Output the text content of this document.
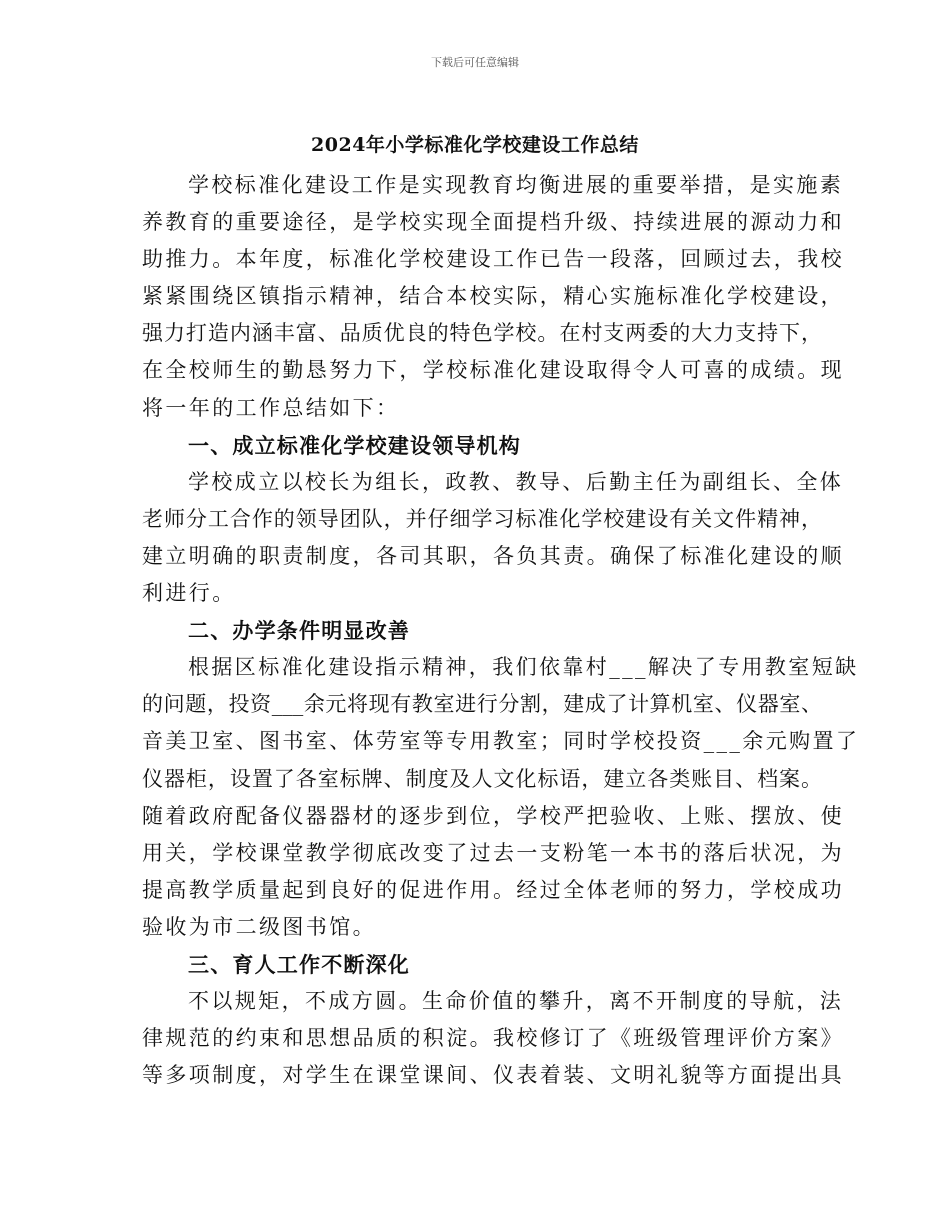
下载后可任意编辑
2024年小学标准化学校建设工作总结
学校标准化建设工作是实现教育均衡进展的重要举措，是实施素
养教育的重要途径，是学校实现全面提档升级、持续进展的源动力和
助推力。本年度，标准化学校建设工作已告一段落，回顾过去，我校
紧紧围绕区镇指示精神，结合本校实际，精心实施标准化学校建设，
强力打造内涵丰富、品质优良的特色学校。在村支两委的大力支持下，
在全校师生的勤恳努力下，学校标准化建设取得令人可喜的成绩。现
将一年的工作总结如下：
一、成立标准化学校建设领导机构
学校成立以校长为组长，政教、教导、后勤主任为副组长、全体
老师分工合作的领导团队，并仔细学习标准化学校建设有关文件精神，
建立明确的职责制度，各司其职，各负其责。确保了标准化建设的顺
利进行。
二、办学条件明显改善
根据区标准化建设指示精神，我们依靠村___解决了专用教室短缺
的问题，投资___余元将现有教室进行分割，建成了计算机室、仪器室、
音美卫室、图书室、体劳室等专用教室；同时学校投资___余元购置了
仪器柜，设置了各室标牌、制度及人文化标语，建立各类账目、档案。
随着政府配备仪器器材的逐步到位，学校严把验收、上账、摆放、使
用关，学校课堂教学彻底改变了过去一支粉笔一本书的落后状况，为
提高教学质量起到良好的促进作用。经过全体老师的努力，学校成功
验收为市二级图书馆。
三、育人工作不断深化
不以规矩，不成方圆。生命价值的攀升，离不开制度的导航，法
律规范的约束和思想品质的积淀。我校修订了《班级管理评价方案》
等多项制度，对学生在课堂课间、仪表着装、文明礼貌等方面提出具
